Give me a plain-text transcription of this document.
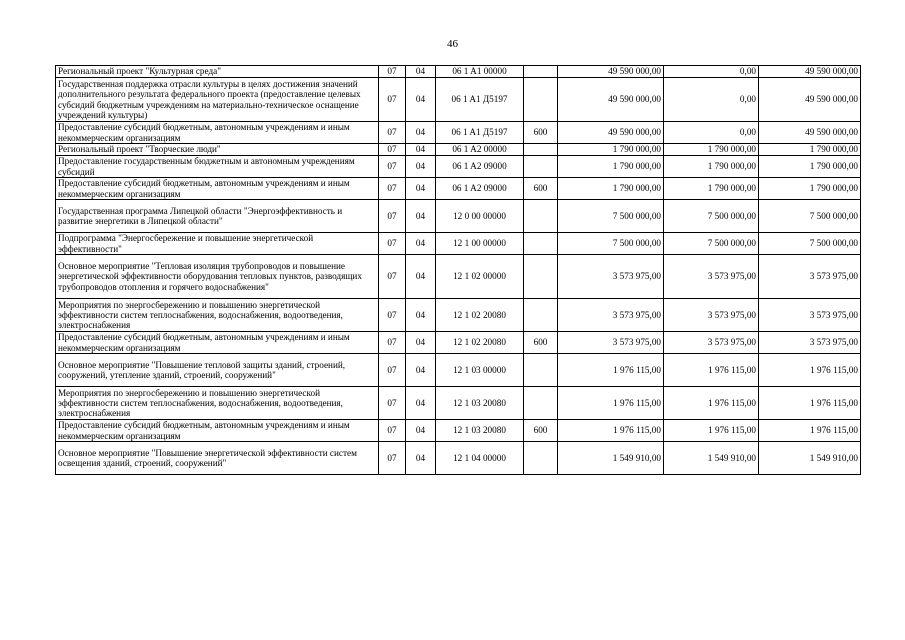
46
Региональный проект "Культурная среда"	07	04	06 1 A1 00000		49 590 000,00	0,00	49 590 000,00
Государственная поддержка отрасли культуры в целях достижения значений дополнительного результата федерального проекта (предоставление целевых субсидий бюджетным учреждениям на материально-техническое оснащение учреждений культуры)	07	04	06 1 A1 Д5197		49 590 000,00	0,00	49 590 000,00
Предоставление субсидий бюджетным, автономным учреждениям и иным некоммерческим организациям	07	04	06 1 A1 Д5197	600	49 590 000,00	0,00	49 590 000,00
Региональный проект "Творческие люди"	07	04	06 1 A2 00000		1 790 000,00	1 790 000,00	1 790 000,00
Предоставление государственным бюджетным и автономным учреждениям субсидий	07	04	06 1 A2 09000		1 790 000,00	1 790 000,00	1 790 000,00
Предоставление субсидий бюджетным, автономным учреждениям и иным некоммерческим организациям	07	04	06 1 A2 09000	600	1 790 000,00	1 790 000,00	1 790 000,00
Государственная программа Липецкой области "Энергоэффективность и развитие энергетики в Липецкой области"	07	04	12 0 00 00000		7 500 000,00	7 500 000,00	7 500 000,00
Подпрограмма "Энергосбережение и повышение энергетической эффективности"	07	04	12 1 00 00000		7 500 000,00	7 500 000,00	7 500 000,00
Основное мероприятие "Тепловая изоляция трубопроводов и повышение энергетической эффективности оборудования тепловых пунктов, разводящих трубопроводов отопления и горячего водоснабжения"	07	04	12 1 02 00000		3 573 975,00	3 573 975,00	3 573 975,00
Мероприятия по энергосбережению и повышению энергетической эффективности систем теплоснабжения, водоснабжения, водоотведения, электроснабжения	07	04	12 1 02 20080		3 573 975,00	3 573 975,00	3 573 975,00
Предоставление субсидий бюджетным, автономным учреждениям и иным некоммерческим организациям	07	04	12 1 02 20080	600	3 573 975,00	3 573 975,00	3 573 975,00
Основное мероприятие "Повышение тепловой защиты зданий, строений, сооружений, утепление зданий, строений, сооружений"	07	04	12 1 03 00000		1 976 115,00	1 976 115,00	1 976 115,00
Мероприятия по энергосбережению и повышению энергетической эффективности систем теплоснабжения, водоснабжения, водоотведения, электроснабжения	07	04	12 1 03 20080		1 976 115,00	1 976 115,00	1 976 115,00
Предоставление субсидий бюджетным, автономным учреждениям и иным некоммерческим организациям	07	04	12 1 03 20080	600	1 976 115,00	1 976 115,00	1 976 115,00
Основное мероприятие "Повышение энергетической эффективности систем освещения зданий, строений, сооружений"	07	04	12 1 04 00000		1 549 910,00	1 549 910,00	1 549 910,00
